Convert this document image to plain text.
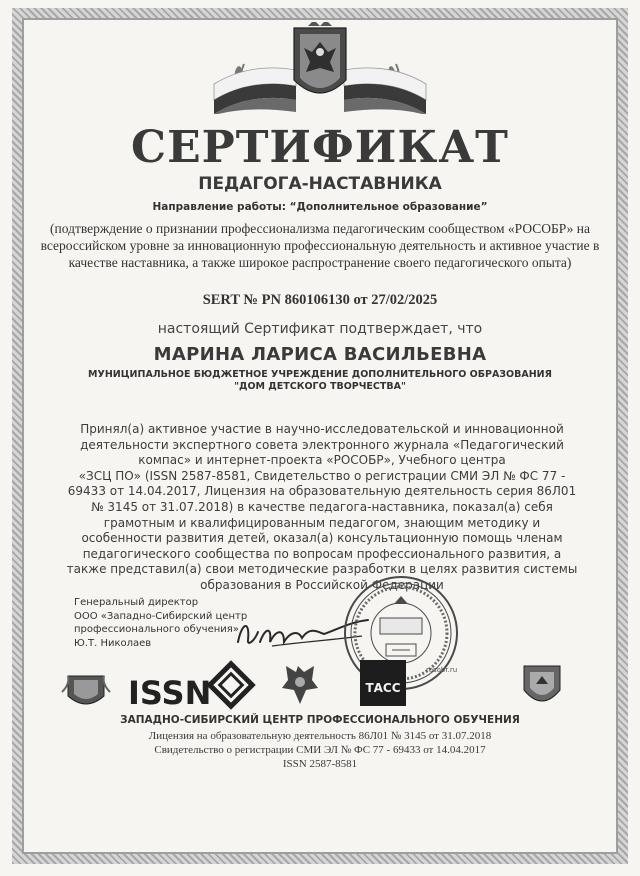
СЕРТИФИКАТ
ПЕДАГОГА-НАСТАВНИКА
Направление работы: “Дополнительное образование”
(подтверждение о признании профессионализма педагогическим сообществом «РОСОБР» на всероссийском уровне за инновационную профессиональную деятельность и активное участие в качестве наставника, а также широкое распространение своего педагогического опыта)
SERT № PN 860106130 от 27/02/2025
настоящий Сертификат подтверждает, что
МАРИНА ЛАРИСА ВАСИЛЬЕВНА
МУНИЦИПАЛЬНОЕ БЮДЖЕТНОЕ УЧРЕЖДЕНИЕ ДОПОЛНИТЕЛЬНОГО ОБРАЗОВАНИЯ
"ДОМ ДЕТСКОГО ТВОРЧЕСТВА"
Принял(а) активное участие в научно-исследовательской и инновационной
деятельности экспертного совета электронного журнала «Педагогический
компас» и интернет-проекта «РОСОБР», Учебного центра
«ЗСЦ ПО» (ISSN 2587-8581, Свидетельство о регистрации СМИ ЭЛ № ФС 77 -
69433 от 14.04.2017, Лицензия на образовательную деятельность серия 86Л01
№ 3145 от 31.07.2018) в качестве педагога-наставника, показал(а) себя
грамотным и квалифицированным педагогом, знающим методику и
особенности развития детей, оказал(а) консультационную помощь членам
педагогического сообщества по вопросам профессионального развития, а
также представил(а) свои методические разработки в целях развития системы
образования в Российской Федерации
Генеральный директор
ООО «Западно-Сибирский центр
профессионального обучения»
Ю.Т. Николаев
rosobr.ru
ISSN	ТАСС
ЗАПАДНО-СИБИРСКИЙ ЦЕНТР ПРОФЕССИОНАЛЬНОГО ОБУЧЕНИЯ
Лицензия на образовательную деятельность 86Л01 № 3145 от 31.07.2018
Свидетельство о регистрации СМИ ЭЛ № ФС 77 - 69433 от 14.04.2017
ISSN 2587-8581
